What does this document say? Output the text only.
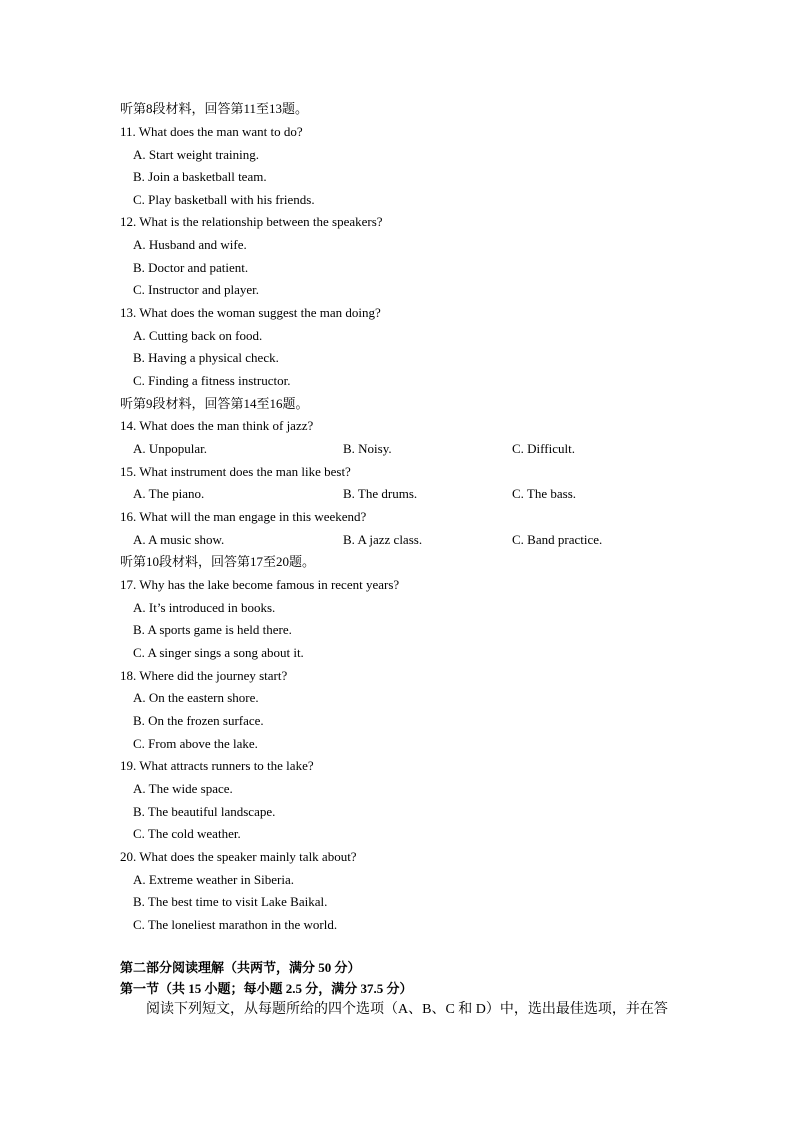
听第8段材料，回答第11至13题。
11. What does the man want to do?
A. Start weight training.
B. Join a basketball team.
C. Play basketball with his friends.
12. What is the relationship between the speakers?
A. Husband and wife.
B. Doctor and patient.
C. Instructor and player.
13. What does the woman suggest the man doing?
A. Cutting back on food.
B. Having a physical check.
C. Finding a fitness instructor.
听第9段材料，回答第14至16题。
14. What does the man think of jazz?
A. Unpopular.	B. Noisy.	C. Difficult.
15. What instrument does the man like best?
A. The piano.	B. The drums.	C. The bass.
16. What will the man engage in this weekend?
A. A music show.	B. A jazz class.	C. Band practice.
听第10段材料，回答第17至20题。
17. Why has the lake become famous in recent years?
A. It’s introduced in books.
B. A sports game is held there.
C. A singer sings a song about it.
18. Where did the journey start?
A. On the eastern shore.
B. On the frozen surface.
C. From above the lake.
19. What attracts runners to the lake?
A. The wide space.
B. The beautiful landscape.
C. The cold weather.
20. What does the speaker mainly talk about?
A. Extreme weather in Siberia.
B. The best time to visit Lake Baikal.
C. The loneliest marathon in the world.
第二部分阅读理解（共两节，满分 50 分）
第一节（共 15 小题；每小题 2.5 分，满分 37.5 分）
阅读下列短文，从每题所给的四个选项（A、B、C 和 D）中，选出最佳选项，并在答
